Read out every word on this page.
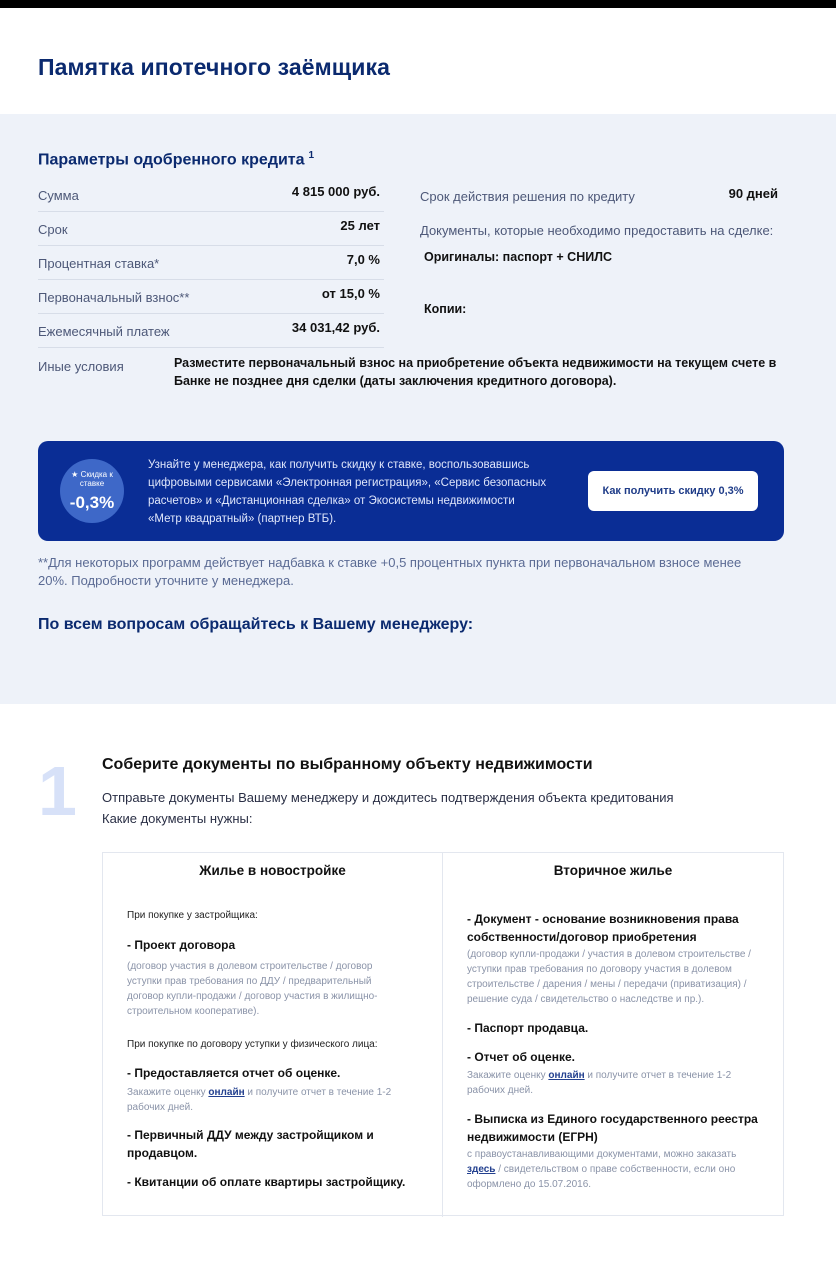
Памятка ипотечного заёмщика
Параметры одобренного кредита $^1$
Сумма	4 815 000 руб.
Срок	25 лет
Процентная ставка*	7,0 %
Первоначальный взнос**	от 15,0 %
Ежемесячный платеж	34 031,42 руб.
Иные условия	Разместите первоначальный взнос на приобретение объекта недвижимости на текущем счете в Банке не позднее дня сделки (даты заключения кредитного договора).
Срок действия решения по кредиту	90 дней
Документы, которые необходимо предоставить на сделке:
Оригиналы: паспорт + СНИЛС
Копии:
★ Скидка к ставке
-0,3%
Узнайте у менеджера, как получить скидку к ставке, воспользовавшись цифровыми сервисами «Электронная регистрация», «Сервис безопасных расчетов» и «Дистанционная сделка» от Экосистемы недвижимости «Метр квадратный» (партнер ВТБ).
Как получить скидку 0,3%
**Для некоторых программ действует надбавка к ставке +0,5 процентных пункта при первоначальном взносе менее 20%. Подробности уточните у менеджера.
По всем вопросам обращайтесь к Вашему менеджеру:
1 Соберите документы по выбранному объекту недвижимости
Отправьте документы Вашему менеджеру и дождитесь подтверждения объекта кредитования
Какие документы нужны:
Жилье в новостройке
При покупке у застройщика:
- Проект договора
(договор участия в долевом строительстве / договор уступки прав требования по ДДУ / предварительный договор купли-продажи / договор участия в жилищно-строительном кооперативе).
При покупке по договору уступки у физического лица:
- Предоставляется отчет об оценке.
Закажите оценку онлайн и получите отчет в течение 1-2 рабочих дней.
- Первичный ДДУ между застройщиком и продавцом.
- Квитанции об оплате квартиры застройщику.
Вторичное жилье
- Документ - основание возникновения права собственности/договор приобретения
(договор купли-продажи / участия в долевом строительстве / уступки прав требования по договору участия в долевом строительстве / дарения / мены / передачи (приватизация) / решение суда / свидетельство о наследстве и пр.).
- Паспорт продавца.
- Отчет об оценке.
Закажите оценку онлайн и получите отчет в течение 1-2 рабочих дней.
- Выписка из Единого государственного реестра недвижимости (ЕГРН)
с правоустанавливающими документами, можно заказать здесь / свидетельством о праве собственности, если оно оформлено до 15.07.2016.
